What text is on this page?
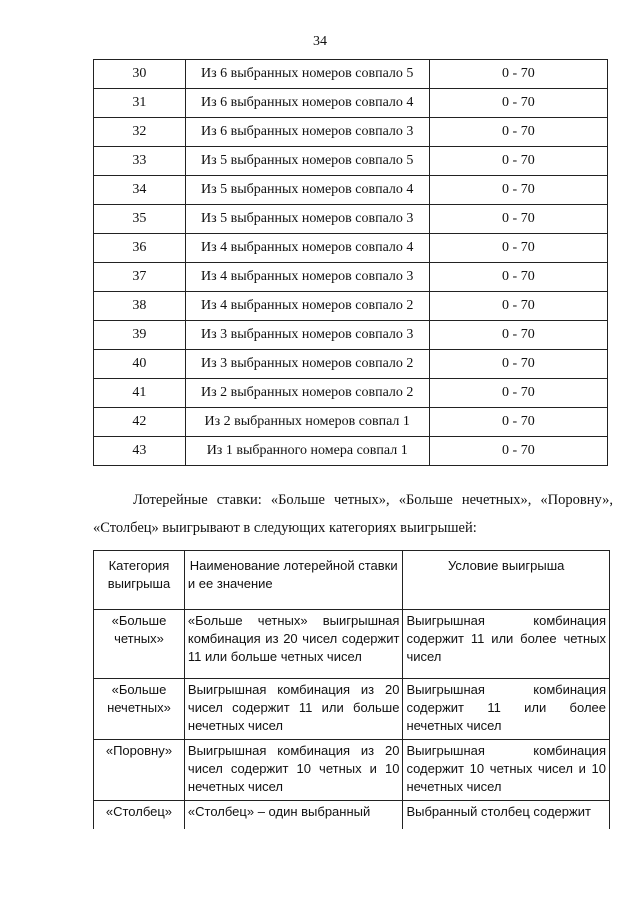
34
30	Из 6 выбранных номеров совпало 5	0 - 70
31	Из 6 выбранных номеров совпало 4	0 - 70
32	Из 6 выбранных номеров совпало 3	0 - 70
33	Из 5 выбранных номеров совпало 5	0 - 70
34	Из 5 выбранных номеров совпало 4	0 - 70
35	Из 5 выбранных номеров совпало 3	0 - 70
36	Из 4 выбранных номеров совпало 4	0 - 70
37	Из 4 выбранных номеров совпало 3	0 - 70
38	Из 4 выбранных номеров совпало 2	0 - 70
39	Из 3 выбранных номеров совпало 3	0 - 70
40	Из 3 выбранных номеров совпало 2	0 - 70
41	Из 2 выбранных номеров совпало 2	0 - 70
42	Из 2 выбранных номеров совпал 1	0 - 70
43	Из 1 выбранного номера совпал 1	0 - 70
Лотерейные ставки: «Больше четных», «Больше нечетных», «Поровну»,
«Столбец» выигрывают в следующих категориях выигрышей:
Категория выигрыша	Наименование лотерейной ставки и ее значение	Условие выигрыша
«Больше четных»	«Больше четных» выигрышная комбинация из 20 чисел содержит 11 или больше четных чисел	Выигрышная комбинация содержит 11 или более четных чисел
«Больше нечетных»	Выигрышная комбинация из 20 чисел содержит 11 или больше нечетных чисел	Выигрышная комбинация содержит 11 или более нечетных чисел
«Поровну»	Выигрышная комбинация из 20 чисел содержит 10 четных и 10 нечетных чисел	Выигрышная комбинация содержит 10 четных чисел и 10 нечетных чисел
«Столбец»	«Столбец» – один выбранный	Выбранный столбец содержит
